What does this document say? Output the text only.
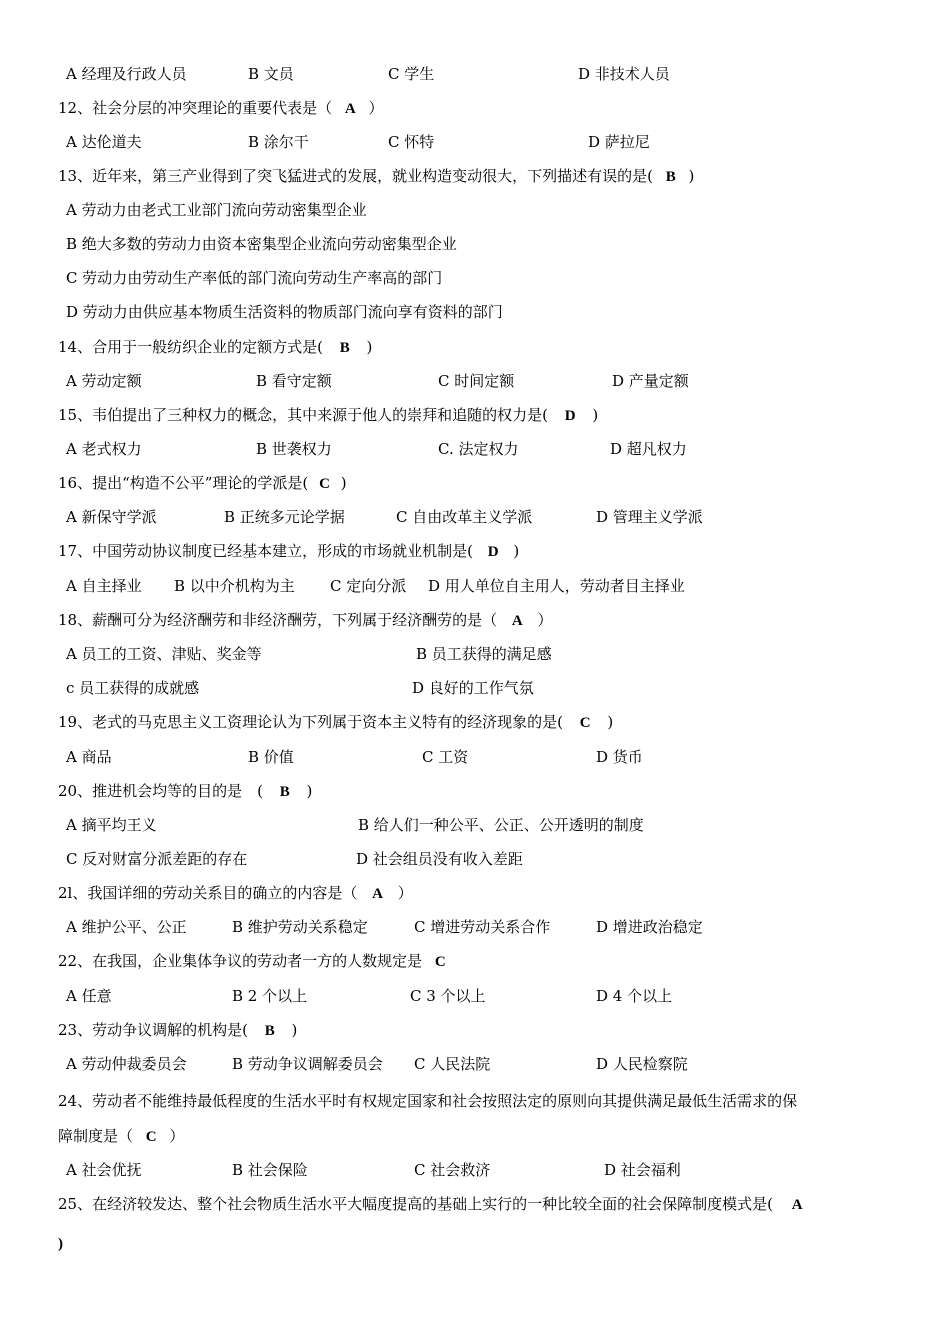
A 经理及行政人员	B 文员	C 学生	D 非技术人员
12、社会分层的冲突理论的重要代表是（ A ）
A 达伦道夫	B 涂尔干	C 怀特	D 萨拉尼
13、近年来，第三产业得到了突飞猛进式的发展，就业构造变动很大，下列描述有误的是( B )
A 劳动力由老式工业部门流向劳动密集型企业
B 绝大多数的劳动力由资本密集型企业流向劳动密集型企业
C 劳动力由劳动生产率低的部门流向劳动生产率高的部门
D 劳动力由供应基本物质生活资料的物质部门流向享有资料的部门
14、合用于一般纺织企业的定额方式是( B )
A 劳动定额	B 看守定额	C 时间定额	D 产量定额
15、韦伯提出了三种权力的概念，其中来源于他人的崇拜和追随的权力是( D )
A 老式权力	B 世袭权力	C. 法定权力	D 超凡权力
16、提出“构造不公平”理论的学派是( C )
A 新保守学派	B 正统多元论学据	C 自由改革主义学派	D 管理主义学派
17、中国劳动协议制度已经基本建立，形成的市场就业机制是( D )
A 自主择业 B 以中介机构为主 C 定向分派 D 用人单位自主用人，劳动者目主择业
18、薪酬可分为经济酬劳和非经济酬劳，下列属于经济酬劳的是（ A ）
A 员工的工资、津贴、奖金等	B 员工获得的满足感
c 员工获得的成就感	D 良好的工作气氛
19、老式的马克思主义工资理论认为下列属于资本主义特有的经济现象的是( C )
A 商品	B 价值	C 工资	D 货币
20、推进机会均等的目的是　( B )
A 摘平均王义	B 给人们一种公平、公正、公开透明的制度
C 反对财富分派差距的存在	D 社会组员没有收入差距
2l、我国详细的劳动关系目的确立的内容是（ A ）
A 维护公平、公正	B 维护劳动关系稳定	C 增进劳动关系合作	D 增进政治稳定
22、在我国，企业集体争议的劳动者一方的人数规定是 C
A 任意	B 2 个以上	C 3 个以上	D 4 个以上
23、劳动争议调解的机构是( B )
A 劳动仲裁委员会	B 劳动争议调解委员会 C 人民法院	D 人民检察院
24、劳动者不能维持最低程度的生活水平时有权规定国家和社会按照法定的原则向其提供满足最低生活需求的保
障制度是（ C ）
A 社会优抚	B 社会保险	C 社会救济	D 社会福利
25、在经济较发达、整个社会物质生活水平大幅度提高的基础上实行的一种比较全面的社会保障制度模式是( A
)
